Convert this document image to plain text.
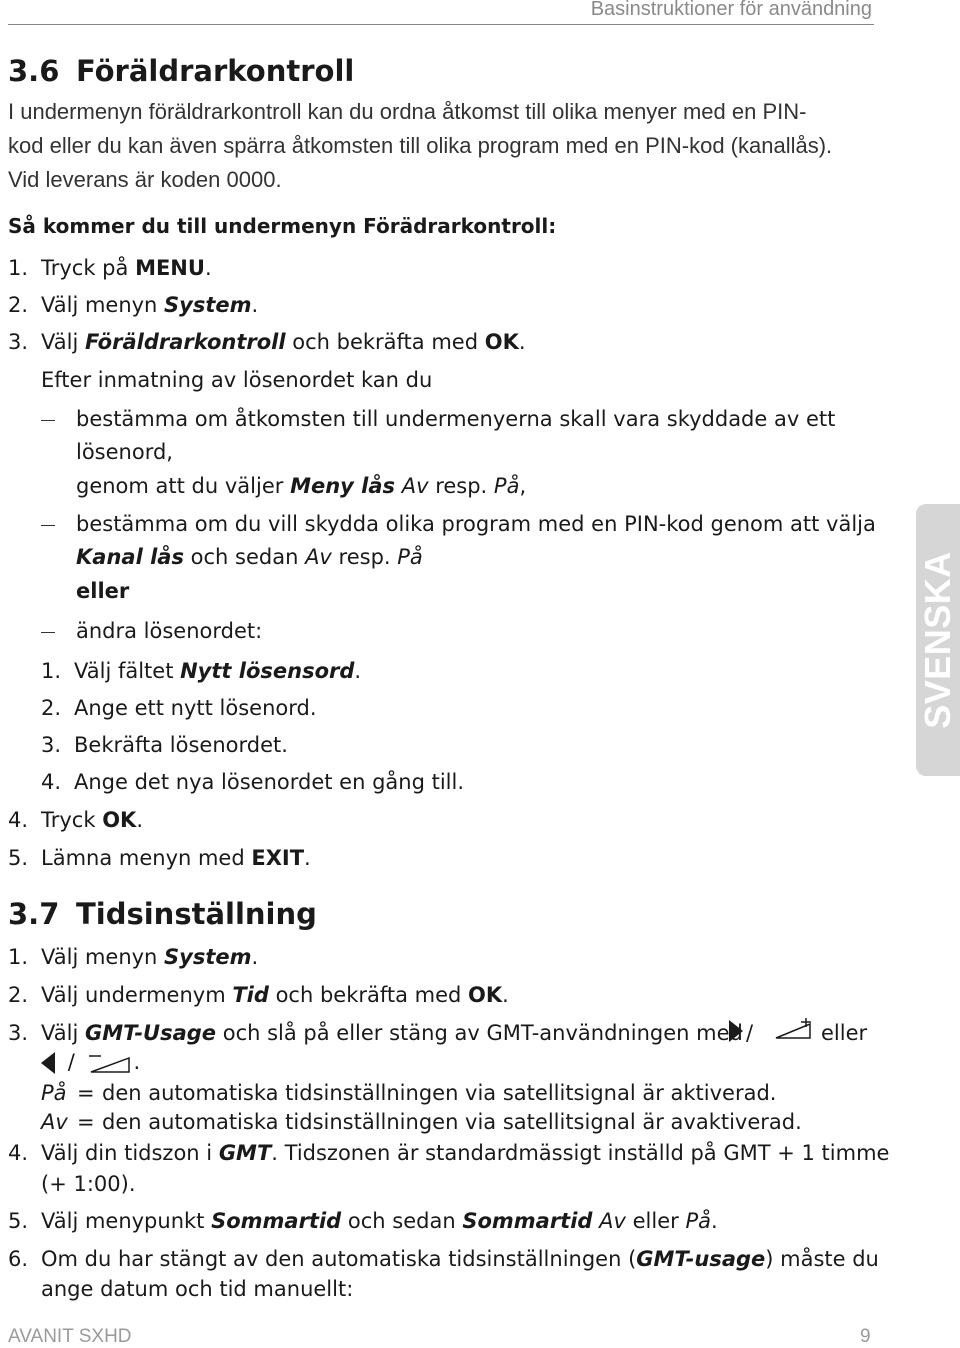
Basinstruktioner för användning
3.6 Föräldrarkontroll
I undermenyn föräldrarkontroll kan du ordna åtkomst till olika menyer med en PIN-
kod eller du kan även spärra åtkomsten till olika program med en PIN-kod (kanallås).
Vid leverans är koden 0000.
Så kommer du till undermenyn Förädrarkontroll:
1. Tryck på MENU.
2. Välj menyn System.
3. Välj Föräldrarkontroll och bekräfta med OK.
Efter inmatning av lösenordet kan du
bestämma om åtkomsten till undermenyerna skall vara skyddade av ett
lösenord,
genom att du väljer Meny lås Av resp. På,
bestämma om du vill skydda olika program med en PIN-kod genom att välja
Kanal lås och sedan Av resp. På
eller
ändra lösenordet:
1. Välj fältet Nytt lösensord.
2. Ange ett nytt lösenord.
3. Bekräfta lösenordet.
4. Ange det nya lösenordet en gång till.
4. Tryck OK.
5. Lämna menyn med EXIT.
3.7 Tidsinställning
1. Välj menyn System.
2. Välj undermenym Tid och bekräfta med OK.
3. Välj GMT-Usage och slå på eller stäng av GMT-användningen med /	eller
/	.
På = den automatiska tidsinställningen via satellitsignal är aktiverad.
Av = den automatiska tidsinställningen via satellitsignal är avaktiverad.
4. Välj din tidszon i GMT. Tidszonen är standardmässigt inställd på GMT + 1 timme
(+ 1:00).
5. Välj menypunkt Sommartid och sedan Sommartid Av eller På.
6. Om du har stängt av den automatiska tidsinställningen (GMT-usage) måste du
ange datum och tid manuellt:
SVENSKA
AVANIT SXHD	9
